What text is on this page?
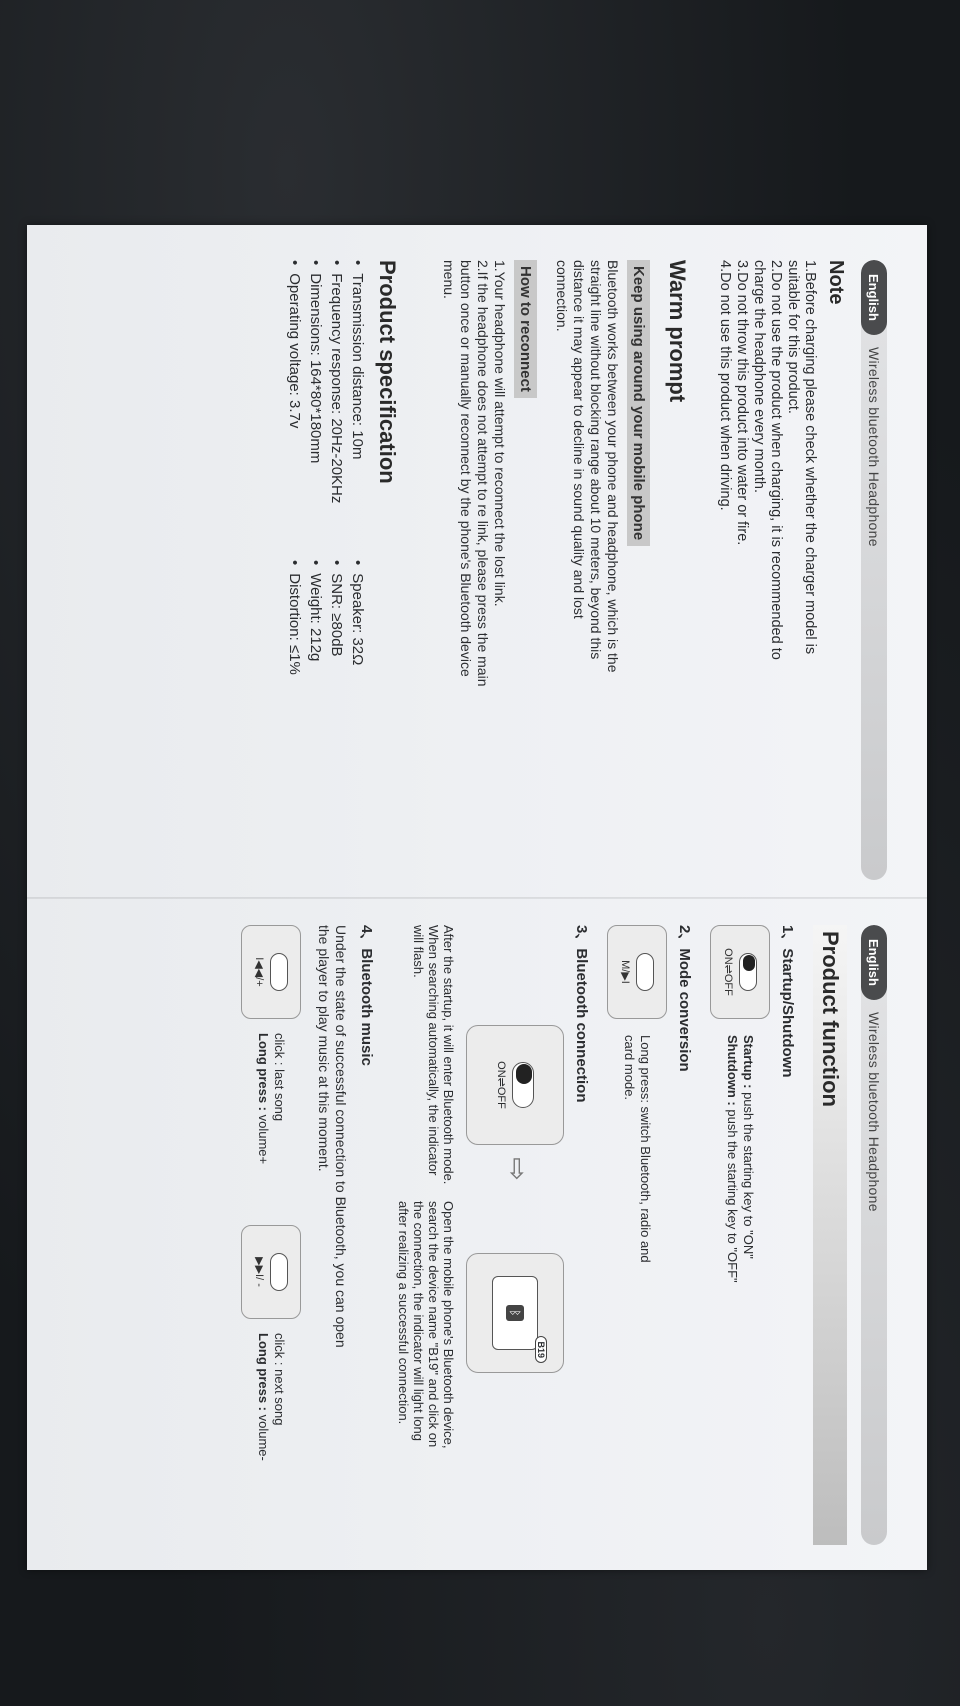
English
Wireless bluetooth Headphone
Note
1.Before charging please check whether the charger model is
suitable for this product.
2.Do not use the product when charging, it is recommended to
charge the headphone every month.
3.Do not throw this product into water or fire.
4.Do not use this product when driving.
Warm prompt
Keep using around your mobile phone
Bluetooth works between your phone and headphone, which is the
straight line without blocking range about 10 meters, beyond this
distance it may appear to decline in sound quality and lost
connection.
How to reconnect
1.Your headphone will attempt to reconnect the lost link.
2.If the headphone does not attempt to re link, please press the main
button once or manually reconnect by the phone's Bluetooth device
menu.
Product specification
• Transmission distance: 10m
• Speaker: 32Ω
• Frequency response: 20Hz-20KHz
• SNR: ≥80dB
• Dimensions: 164*80*180mm
• Weight: 212g
• Operating voltage: 3.7v
• Distortion: ≤1%
English
Wireless bluetooth Headphone
Product function
1、Startup/Shutdown
ON⇌OFF
Startup : push the starting key to "ON"
Shutdown : push the starting key to "OFF"
2、Mode conversion
M/▶I
Long press: switch Bluetooth, radio and
card mode.
3、Bluetooth connection
ON⇌OFF
⇨
ᛒ
B19
After the startup, it will enter Bluetooth mode. When searching automatically, the indicator will flash.
Open the mobile phone's Bluetooth device, search the device name "B19" and click on the connection, the indicator will light long after realizing a successful connection.
4、Bluetooth music
Under the state of successful connection to Bluetooth, you can open
the player to play music at this moment.
I◀◀/+
click : last song
Long press : volume+
▶▶I/ -
click : next song
Long press : volume-
